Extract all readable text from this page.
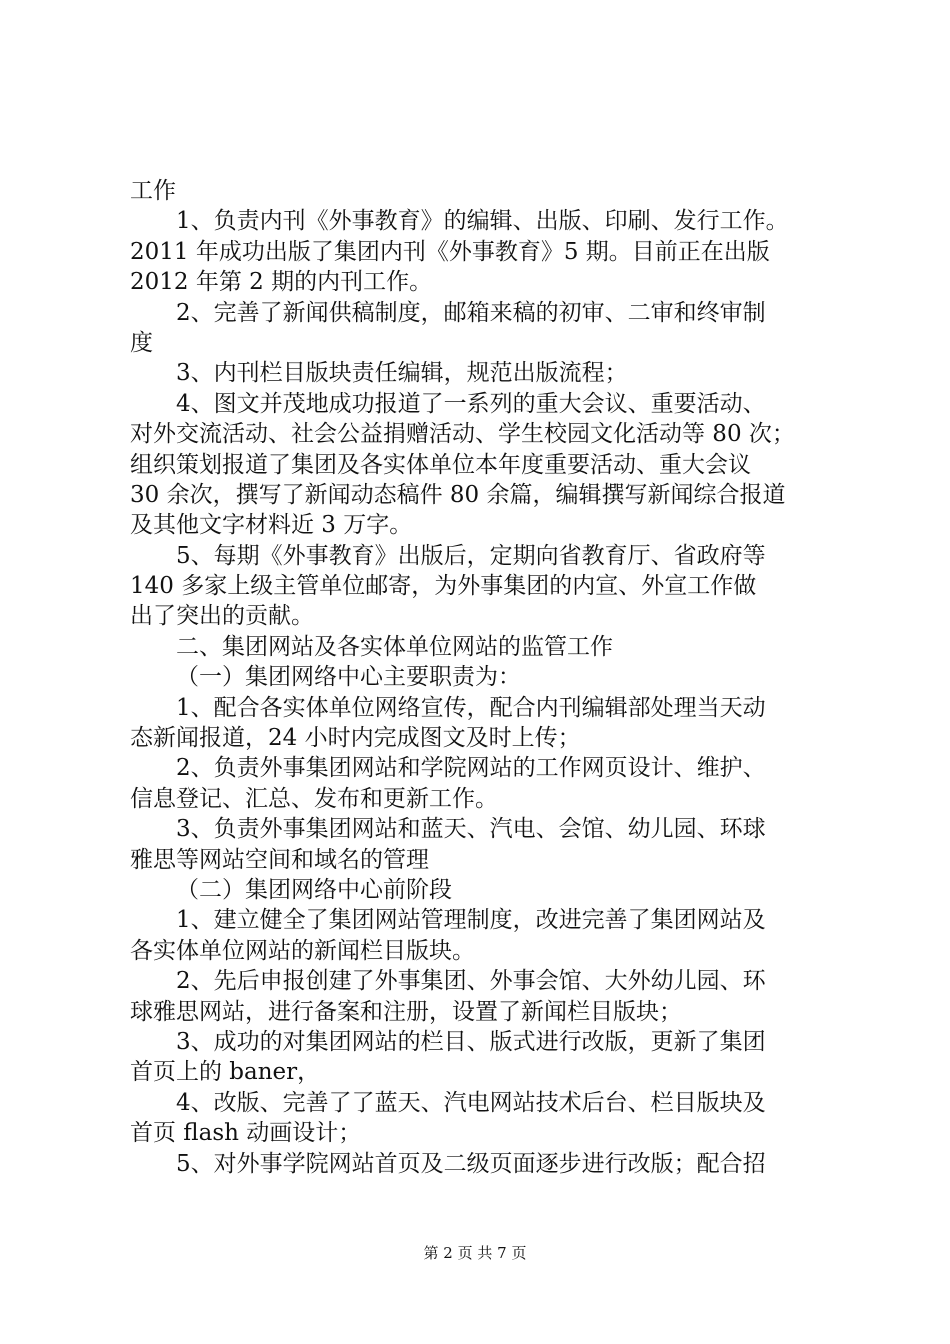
工作
1、负责内刊《外事教育》的编辑、出版、印刷、发行工作。
2011 年成功出版了集团内刊《外事教育》5 期。目前正在出版
2012 年第 2 期的内刊工作。
2、完善了新闻供稿制度，邮箱来稿的初审、二审和终审制
度
3、内刊栏目版块责任编辑，规范出版流程；
4、图文并茂地成功报道了一系列的重大会议、重要活动、
对外交流活动、社会公益捐赠活动、学生校园文化活动等 80 次；
组织策划报道了集团及各实体单位本年度重要活动、重大会议
30 余次，撰写了新闻动态稿件 80 余篇，编辑撰写新闻综合报道
及其他文字材料近 3 万字。
5、每期《外事教育》出版后，定期向省教育厅、省政府等
140 多家上级主管单位邮寄，为外事集团的内宣、外宣工作做
出了突出的贡献。
二、集团网站及各实体单位网站的监管工作
（一）集团网络中心主要职责为：
1、配合各实体单位网络宣传，配合内刊编辑部处理当天动
态新闻报道，24 小时内完成图文及时上传；
2、负责外事集团网站和学院网站的工作网页设计、维护、
信息登记、汇总、发布和更新工作。
3、负责外事集团网站和蓝天、汽电、会馆、幼儿园、环球
雅思等网站空间和域名的管理
（二）集团网络中心前阶段
1、建立健全了集团网站管理制度，改进完善了集团网站及
各实体单位网站的新闻栏目版块。
2、先后申报创建了外事集团、外事会馆、大外幼儿园、环
球雅思网站，进行备案和注册，设置了新闻栏目版块；
3、成功的对集团网站的栏目、版式进行改版，更新了集团
首页上的 baner，
4、改版、完善了了蓝天、汽电网站技术后台、栏目版块及
首页 flash 动画设计；
5、对外事学院网站首页及二级页面逐步进行改版；配合招
第 2 页 共 7 页
